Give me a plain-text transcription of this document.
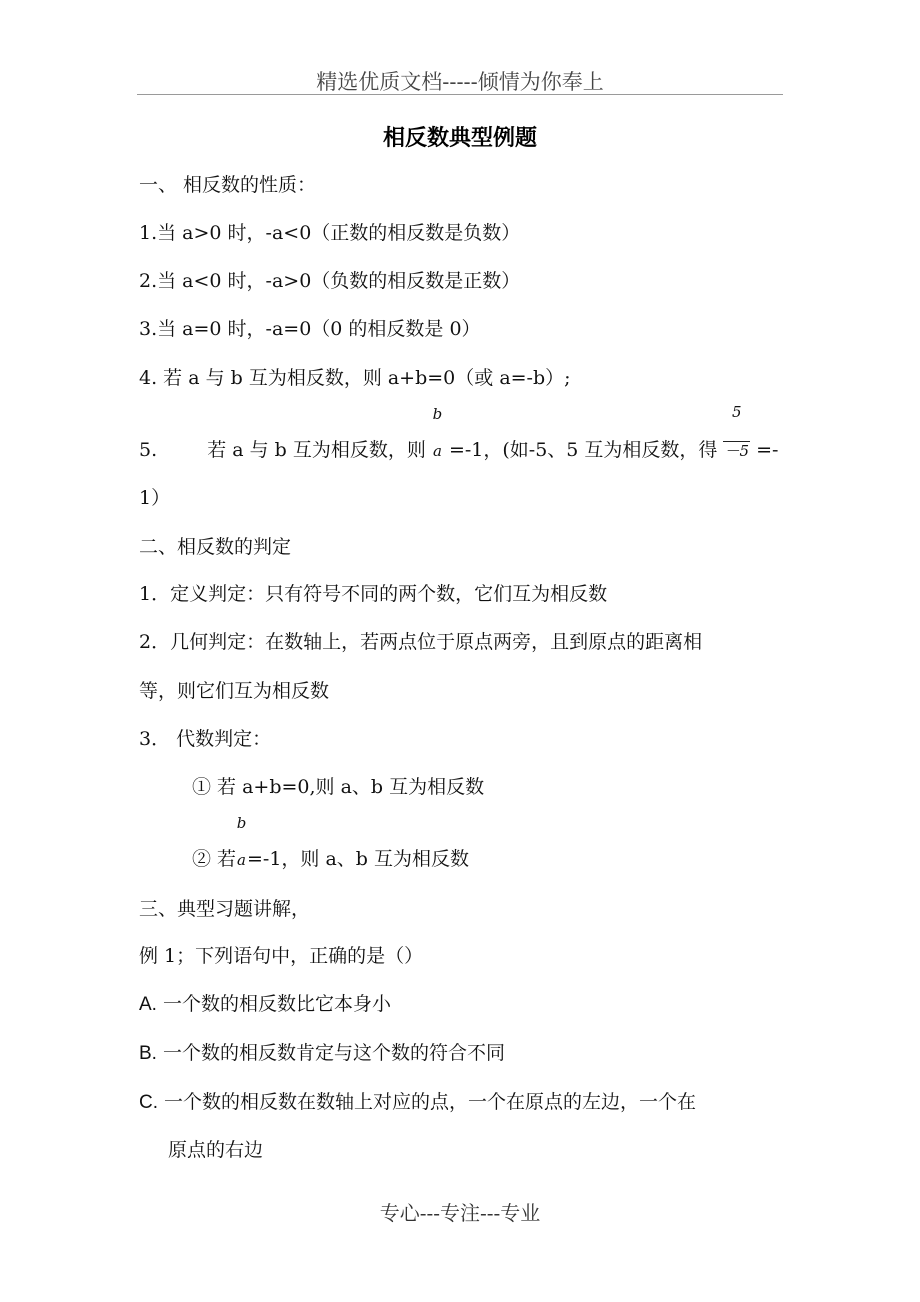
精选优质文档-----倾情为你奉上
相反数典型例题
一、 相反数的性质：
1.当 a>0 时，-a<0（正数的相反数是负数）
2.当 a<0 时，-a>0（负数的相反数是正数）
3.当 a=0 时，-a=0（0 的相反数是 0）
4. 若 a 与 b 互为相反数，则 a+b=0（或 a=-b）;
5.	若 a 与 b 互为相反数，则
b
a =-1，(如-5、5 互为相反数，得 $\frac{5}{-5}$ =-
1）
二、相反数的判定
1．定义判定：只有符号不同的两个数，它们互为相反数
2．几何判定：在数轴上，若两点位于原点两旁，且到原点的距离相
等，则它们互为相反数
3． 代数判定：
① 若 a+b=0,则 a、b 互为相反数
② 若
b
a=-1，则 a、b 互为相反数
三、典型习题讲解，
例 1；下列语句中，正确的是（）
A. 一个数的相反数比它本身小
B. 一个数的相反数肯定与这个数的符合不同
C. 一个数的相反数在数轴上对应的点，一个在原点的左边，一个在
原点的右边
专心---专注---专业
